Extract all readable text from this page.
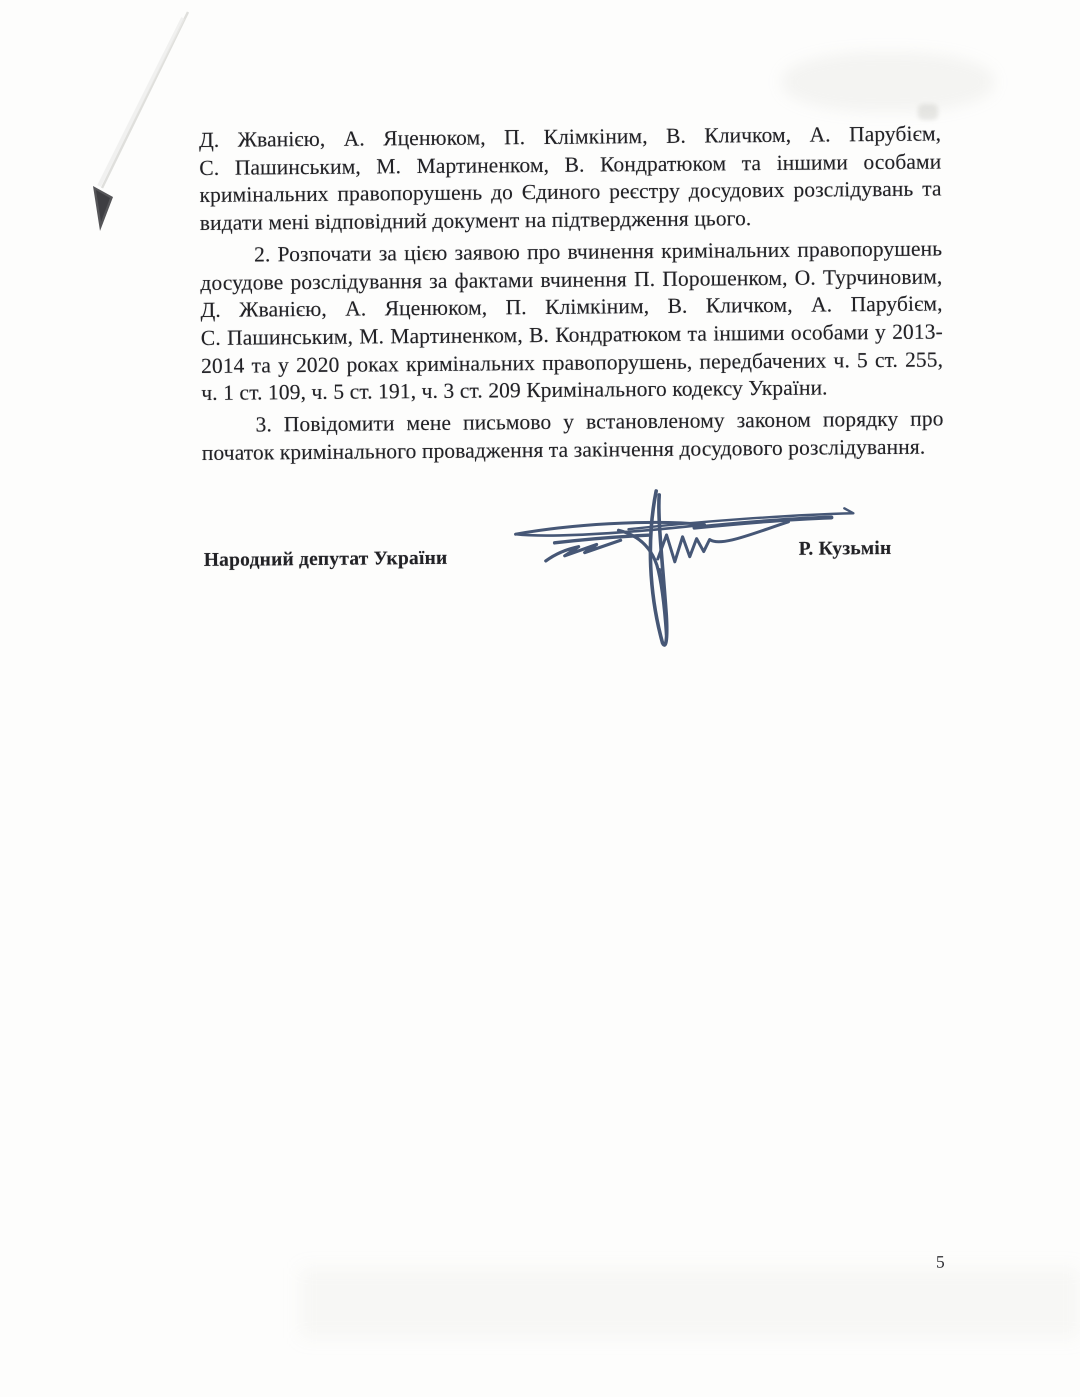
Д. Жванією, А. Яценюком, П. Клімкіним, В. Кличком, А. Парубієм,
С. Пашинським, М. Мартиненком, В. Кондратюком та іншими особами
кримінальних правопорушень до Єдиного реєстру досудових розслідувань та
видати мені відповідний документ на підтвердження цього.
2. Розпочати за цією заявою про вчинення кримінальних правопорушень
досудове розслідування за фактами вчинення П. Порошенком, О. Турчиновим,
Д. Жванією, А. Яценюком, П. Клімкіним, В. Кличком, А. Парубієм,
С. Пашинським, М. Мартиненком, В. Кондратюком та іншими особами у 2013-
2014 та у 2020 роках кримінальних правопорушень, передбачених ч. 5 ст. 255,
ч. 1 ст. 109, ч. 5 ст. 191, ч. 3 ст. 209 Кримінального кодексу України.
3. Повідомити мене письмово у встановленому законом порядку про
початок кримінального провадження та закінчення досудового розслідування.
Народний депутат України	Р. Кузьмін
5
